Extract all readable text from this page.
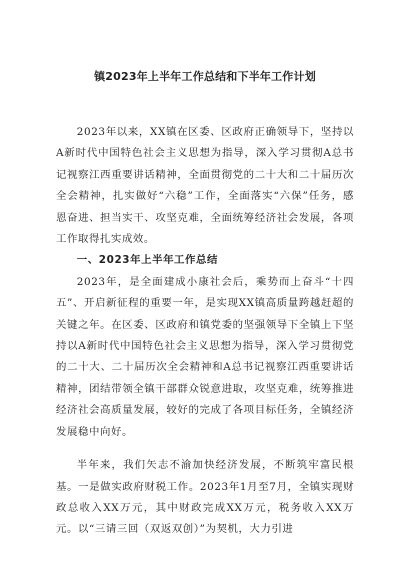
镇2023年上半年工作总结和下半年工作计划

2023年以来，XX镇在区委、区政府正确领导下，坚持以A新时代中国特色社会主义思想为指导，深入学习贯彻A总书记视察江西重要讲话精神，全面贯彻党的二十大和二十届历次全会精神，扎实做好“六稳”工作，全面落实“六保”任务，感恩奋进、担当实干、攻坚克难，全面统筹经济社会发展，各项工作取得扎实成效。

一、2023年上半年工作总结

2023年，是全面建成小康社会后，乘势而上奋斗“十四五”、开启新征程的重要一年，是实现XX镇高质量跨越赶超的关键之年。在区委、区政府和镇党委的坚强领导下全镇上下坚持以A新时代中国特色社会主义思想为指导，深入学习贯彻党的二十大、二十届历次全会精神和A总书记视察江西重要讲话精神，团结带领全镇干部群众锐意进取，攻坚克难，统筹推进经济社会高质量发展，较好的完成了各项目标任务，全镇经济发展稳中向好。

半年来，我们矢志不渝加快经济发展，不断筑牢富民根基。一是做实政府财税工作。2023年1月至7月，全镇实现财政总收入XX万元，其中财政完成XX万元，税务收入XX万元。以“三请三回（双返双创）”为契机，大力引进
